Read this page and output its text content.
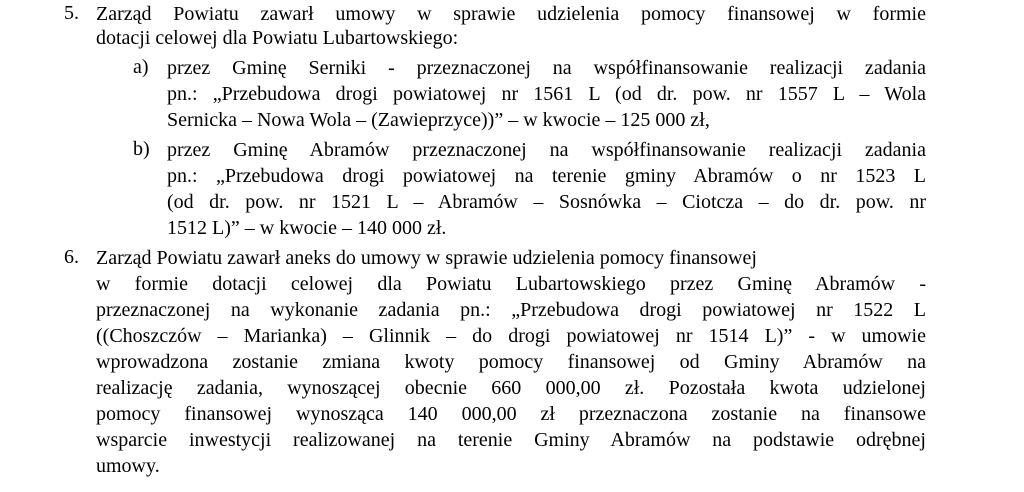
5. Zarząd Powiatu zawarł umowy w sprawie udzielenia pomocy finansowej w formie
dotacji celowej dla Powiatu Lubartowskiego:
a) przez Gminę Serniki - przeznaczonej na współfinansowanie realizacji zadania
pn.: „Przebudowa drogi powiatowej nr 1561 L (od dr. pow. nr 1557 L – Wola
Sernicka – Nowa Wola – (Zawieprzyce))” – w kwocie – 125 000 zł,
b) przez Gminę Abramów przeznaczonej na współfinansowanie realizacji zadania
pn.: „Przebudowa drogi powiatowej na terenie gminy Abramów o nr 1523 L
(od dr. pow. nr 1521 L – Abramów – Sosnówka – Ciotcza – do dr. pow. nr
1512 L)” – w kwocie – 140 000 zł.
6. Zarząd Powiatu zawarł aneks do umowy w sprawie udzielenia pomocy finansowej
w formie dotacji celowej dla Powiatu Lubartowskiego przez Gminę Abramów -
przeznaczonej na wykonanie zadania pn.: „Przebudowa drogi powiatowej nr 1522 L
((Choszczów – Marianka) – Glinnik – do drogi powiatowej nr 1514 L)” - w umowie
wprowadzona zostanie zmiana kwoty pomocy finansowej od Gminy Abramów na
realizację zadania, wynoszącej obecnie 660 000,00 zł. Pozostała kwota udzielonej
pomocy finansowej wynosząca 140 000,00 zł przeznaczona zostanie na finansowe
wsparcie inwestycji realizowanej na terenie Gminy Abramów na podstawie odrębnej
umowy.
